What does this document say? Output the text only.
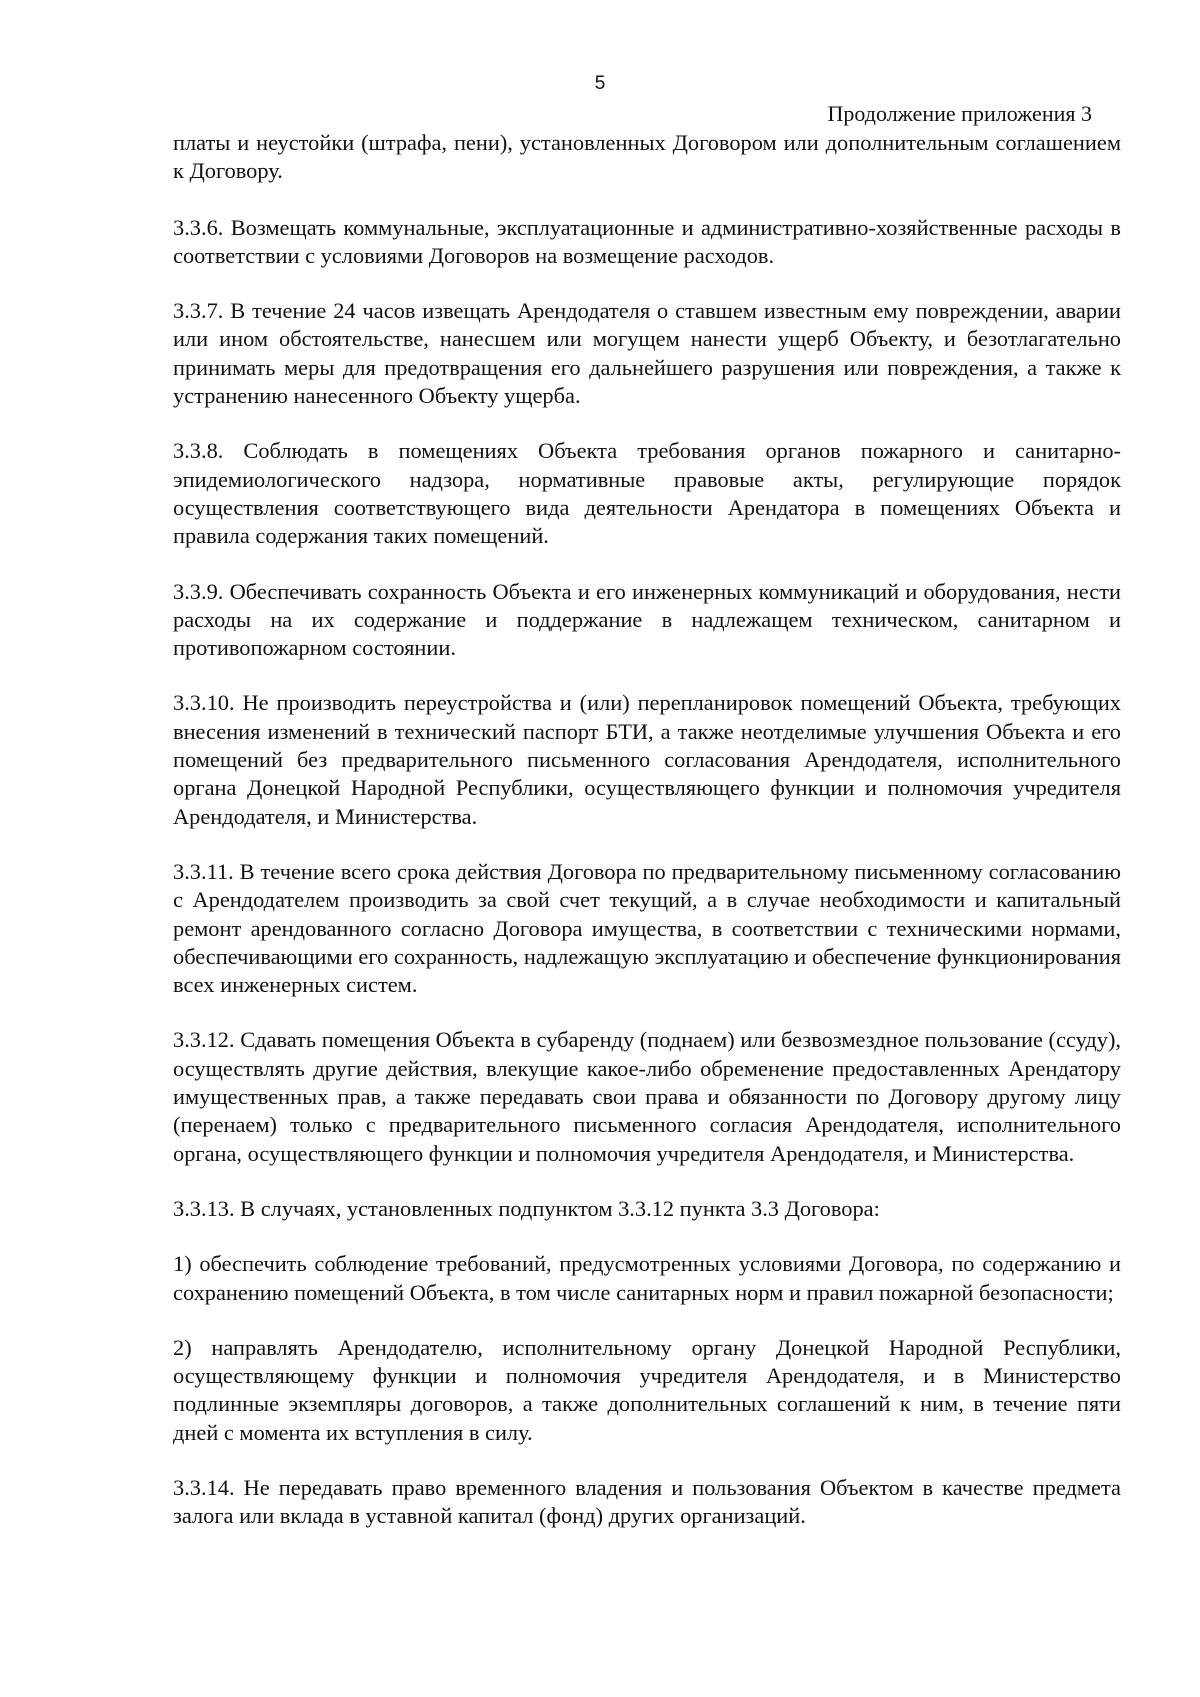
5
Продолжение приложения 3

платы и неустойки (штрафа, пени), установленных Договором или дополнительным соглашением к Договору.

3.3.6. Возмещать коммунальные, эксплуатационные и административно-хозяйственные расходы в соответствии с условиями Договоров на возмещение расходов.

3.3.7. В течение 24 часов извещать Арендодателя о ставшем известным ему повреждении, аварии или ином обстоятельстве, нанесшем или могущем нанести ущерб Объекту, и безотлагательно принимать меры для предотвращения его дальнейшего разрушения или повреждения, а также к устранению нанесенного Объекту ущерба.

3.3.8. Соблюдать в помещениях Объекта требования органов пожарного и санитарно-эпидемиологического надзора, нормативные правовые акты, регулирующие порядок осуществления соответствующего вида деятельности Арендатора в помещениях Объекта и правила содержания таких помещений.

3.3.9. Обеспечивать сохранность Объекта и его инженерных коммуникаций и оборудования, нести расходы на их содержание и поддержание в надлежащем техническом, санитарном и противопожарном состоянии.

3.3.10. Не производить переустройства и (или) перепланировок помещений Объекта, требующих внесения изменений в технический паспорт БТИ, а также неотделимые улучшения Объекта и его помещений без предварительного письменного согласования Арендодателя, исполнительного органа Донецкой Народной Республики, осуществляющего функции и полномочия учредителя Арендодателя, и Министерства.

3.3.11. В течение всего срока действия Договора по предварительному письменному согласованию с Арендодателем производить за свой счет текущий, а в случае необходимости и капитальный ремонт арендованного согласно Договора имущества, в соответствии с техническими нормами, обеспечивающими его сохранность, надлежащую эксплуатацию и обеспечение функционирования всех инженерных систем.

3.3.12. Сдавать помещения Объекта в субаренду (поднаем) или безвозмездное пользование (ссуду), осуществлять другие действия, влекущие какое-либо обременение предоставленных Арендатору имущественных прав, а также передавать свои права и обязанности по Договору другому лицу (перенаем) только с предварительного письменного согласия Арендодателя, исполнительного органа, осуществляющего функции и полномочия учредителя Арендодателя, и Министерства.

3.3.13. В случаях, установленных подпунктом 3.3.12 пункта 3.3 Договора:

1) обеспечить соблюдение требований, предусмотренных условиями Договора, по содержанию и сохранению помещений Объекта, в том числе санитарных норм и правил пожарной безопасности;

2) направлять Арендодателю, исполнительному органу Донецкой Народной Республики, осуществляющему функции и полномочия учредителя Арендодателя, и в Министерство подлинные экземпляры договоров, а также дополнительных соглашений к ним, в течение пяти дней с момента их вступления в силу.

3.3.14. Не передавать право временного владения и пользования Объектом в качестве предмета залога или вклада в уставной капитал (фонд) других организаций.
